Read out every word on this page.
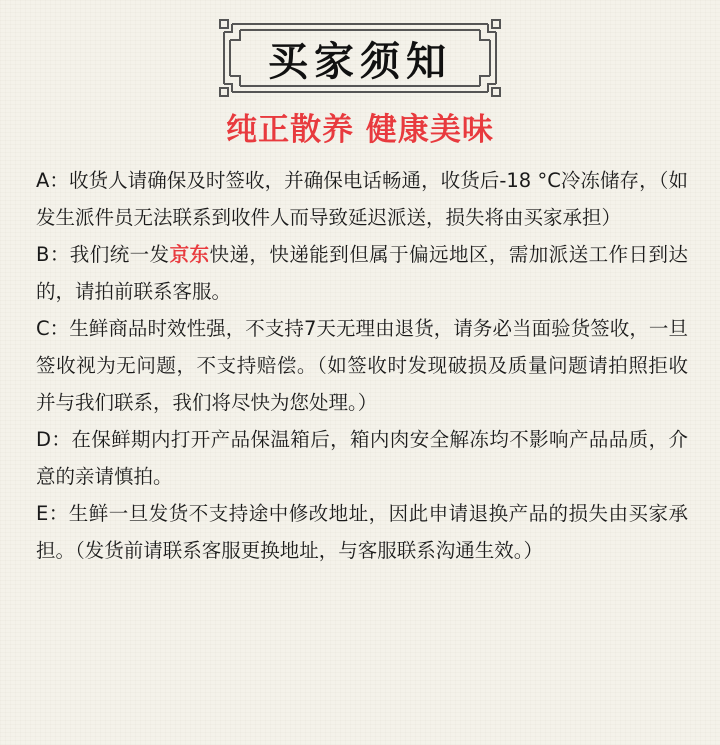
买家须知
纯正散养 健康美味

A：收货人请确保及时签收，并确保电话畅通，收货后-18 °C冷冻储存，（如发生派件员无法联系到收件人而导致延迟派送，损失将由买家承担）

B：我们统一发京东快递，快递能到但属于偏远地区，需加派送工作日到达的，请拍前联系客服。

C：生鲜商品时效性强，不支持7天无理由退货，请务必当面验货签收，一旦签收视为无问题，不支持赔偿。（如签收时发现破损及质量问题请拍照拒收并与我们联系，我们将尽快为您处理。）

D：在保鲜期内打开产品保温箱后，箱内肉安全解冻均不影响产品品质，介意的亲请慎拍。

E：生鲜一旦发货不支持途中修改地址，因此申请退换产品的损失由买家承担。（发货前请联系客服更换地址，与客服联系沟通生效。）
